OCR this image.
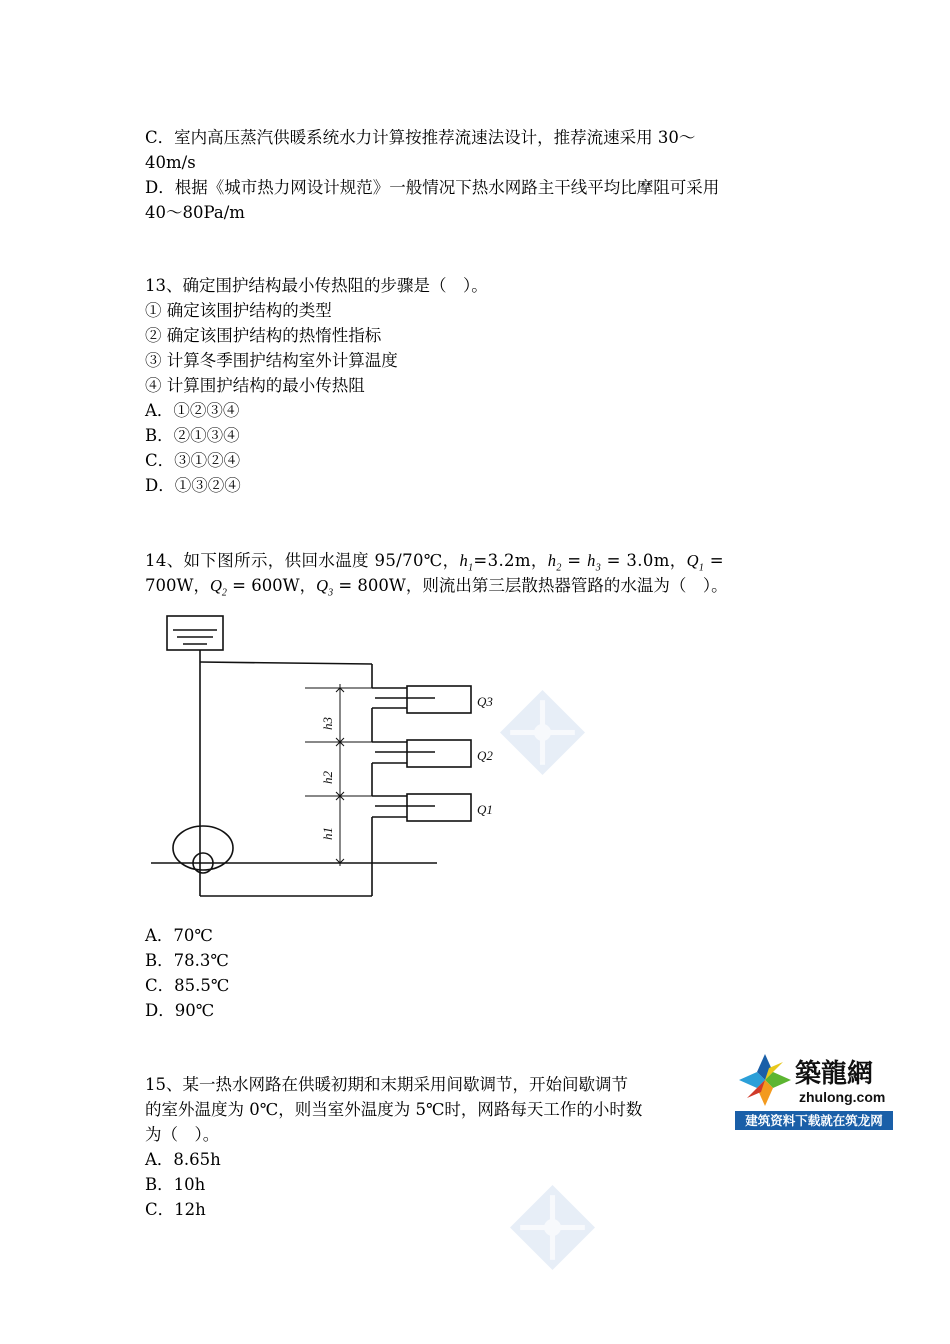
C．室内高压蒸汽供暖系统水力计算按推荐流速法设计，推荐流速采用 30～
40m/s
D．根据《城市热力网设计规范》一般情况下热水网路主干线平均比摩阻可采用
40～80Pa/m
13、确定围护结构最小传热阻的步骤是（　）。
① 确定该围护结构的类型
② 确定该围护结构的热惰性指标
③ 计算冬季围护结构室外计算温度
④ 计算围护结构的最小传热阻
A．①②③④
B．②①③④
C．③①②④
D．①③②④
14、如下图所示，供回水温度 95/70℃，$h_1=3.2m$，$h_2 = h_3 = 3.0m$，$Q_1$ =
700W，$Q_2 = 600W$，$Q_3 = 800W$，则流出第三层散热器管路的水温为（　）。
Q3
Q2
Q1
h3
h2
h1
A．70℃
B．78.3℃
C．85.5℃
D．90℃
15、某一热水网路在供暖初期和末期采用间歇调节，开始间歇调节
的室外温度为 0℃，则当室外温度为 5℃时，网路每天工作的小时数
为（　）。
A．8.65h
B．10h
C．12h
築龍網
zhulong.com
建筑资料下载就在筑龙网
